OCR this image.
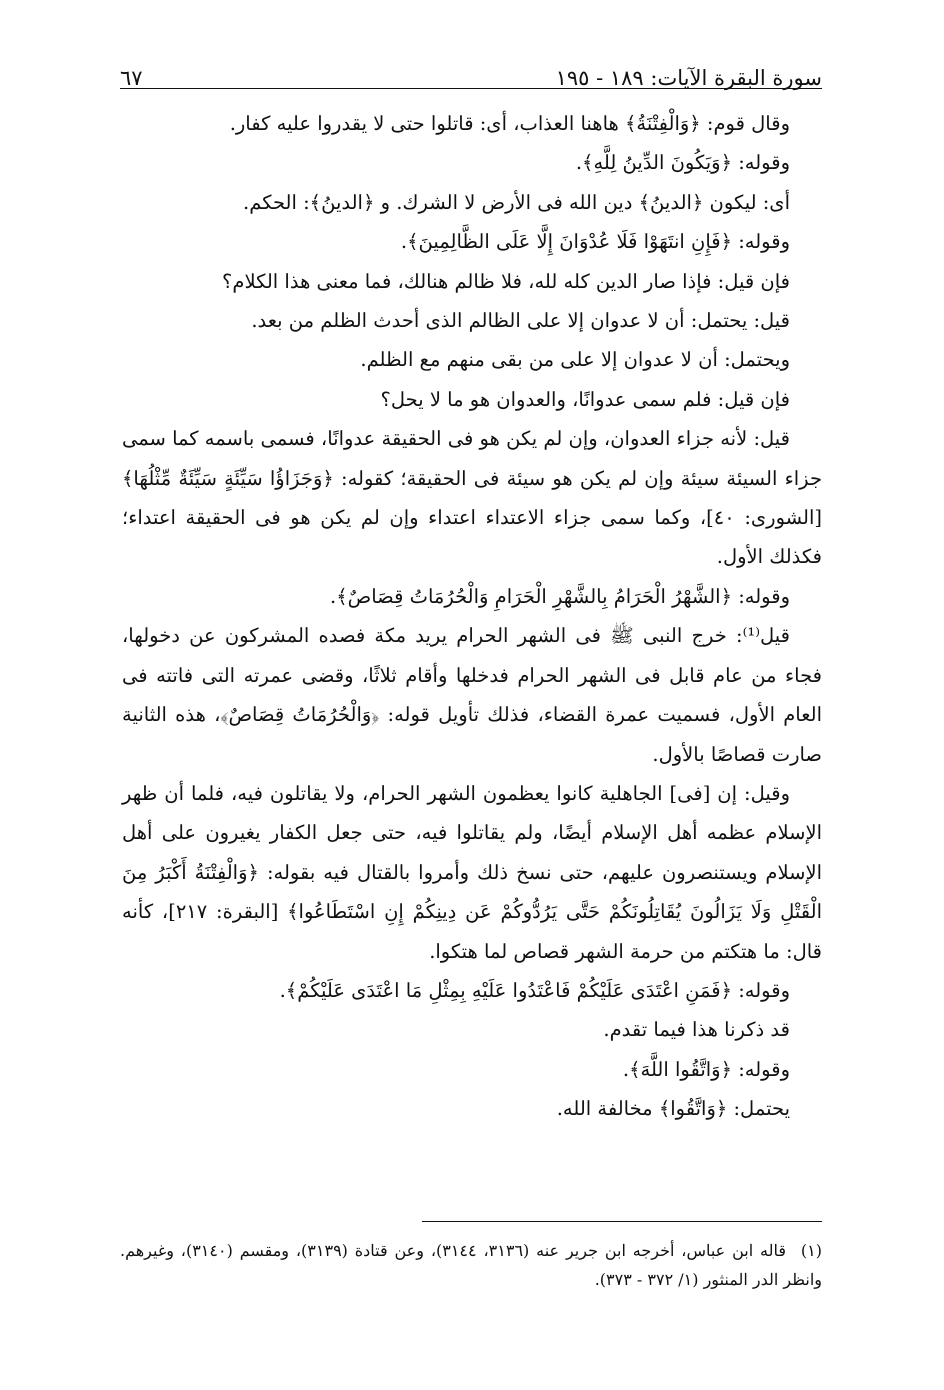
سورة البقرة الآيات: ١٨٩ - ١٩٥
٦٧

وقال قوم: ﴿وَالْفِتْنَةُ﴾ هاهنا العذاب، أى: قاتلوا حتى لا يقدروا عليه كفار.

وقوله: ﴿وَيَكُونَ الدِّينُ لِلَّهِ﴾.

أى: ليكون ﴿الدينُ﴾ دين الله فى الأرض لا الشرك. و ﴿الدينُ﴾: الحكم.

وقوله: ﴿فَإِنِ انتَهَوْا فَلَا عُدْوَانَ إِلَّا عَلَى الظَّالِمِينَ﴾.

فإن قيل: فإذا صار الدين كله لله، فلا ظالم هنالك، فما معنى هذا الكلام؟

قيل: يحتمل: أن لا عدوان إلا على الظالم الذى أحدث الظلم من بعد.

ويحتمل: أن لا عدوان إلا على من بقى منهم مع الظلم.

فإن قيل: فلم سمى عدوانًا، والعدوان هو ما لا يحل؟

قيل: لأنه جزاء العدوان، وإن لم يكن هو فى الحقيقة عدوانًا، فسمى باسمه كما سمى جزاء السيئة سيئة وإن لم يكن هو سيئة فى الحقيقة؛ كقوله: ﴿وَجَزَاؤُا سَيِّئَةٍ سَيِّئَةٌ مِّثْلُهَا﴾ [الشورى: ٤٠]، وكما سمى جزاء الاعتداء اعتداء وإن لم يكن هو فى الحقيقة اعتداء؛ فكذلك الأول.

وقوله: ﴿الشَّهْرُ الْحَرَامُ بِالشَّهْرِ الْحَرَامِ وَالْحُرُمَاتُ قِصَاصٌ﴾.

قيل⁽¹⁾: خرج النبى ﷺ فى الشهر الحرام يريد مكة فصده المشركون عن دخولها، فجاء من عام قابل فى الشهر الحرام فدخلها وأقام ثلاثًا، وقضى عمرته التى فاتته فى العام الأول، فسميت عمرة القضاء، فذلك تأويل قوله: ﴿وَالْحُرُمَاتُ قِصَاصٌ﴾، هذه الثانية صارت قصاصًا بالأول.

وقيل: إن [فى] الجاهلية كانوا يعظمون الشهر الحرام، ولا يقاتلون فيه، فلما أن ظهر الإسلام عظمه أهل الإسلام أيضًا، ولم يقاتلوا فيه، حتى جعل الكفار يغيرون على أهل الإسلام ويستنصرون عليهم، حتى نسخ ذلك وأمروا بالقتال فيه بقوله: ﴿وَالْفِتْنَةُ أَكْبَرُ مِنَ الْقَتْلِ وَلَا يَزَالُونَ يُقَاتِلُونَكُمْ حَتَّى يَرُدُّوكُمْ عَن دِينِكُمْ إِنِ اسْتَطَاعُوا﴾ [البقرة: ٢١٧]، كأنه قال: ما هتكتم من حرمة الشهر قصاص لما هتكوا.

وقوله: ﴿فَمَنِ اعْتَدَى عَلَيْكُمْ فَاعْتَدُوا عَلَيْهِ بِمِثْلِ مَا اعْتَدَى عَلَيْكُمْ﴾.

قد ذكرنا هذا فيما تقدم.

وقوله: ﴿وَاتَّقُوا اللَّهَ﴾.

يحتمل: ﴿وَاتَّقُوا﴾ مخالفة الله.

(١) قاله ابن عباس، أخرجه ابن جرير عنه (٣١٣٦، ٣١٤٤)، وعن قتادة (٣١٣٩)، ومقسم (٣١٤٠)، وغيرهم. وانظر الدر المنثور (١/ ٣٧٢ - ٣٧٣).
